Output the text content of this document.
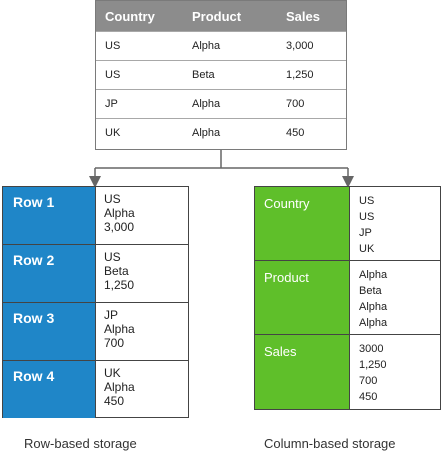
Country	Product	Sales
US	Alpha	3,000
US	Beta	1,250
JP	Alpha	700
UK	Alpha	450
Row 1	US
Alpha
3,000
Row 2	US
Beta
1,250
Row 3	JP
Alpha
700
Row 4	UK
Alpha
450
Country	US
US
JP
UK
Product	Alpha
Beta
Alpha
Alpha
Sales	3000
1,250
700
450
Row-based storage	Column-based storage
